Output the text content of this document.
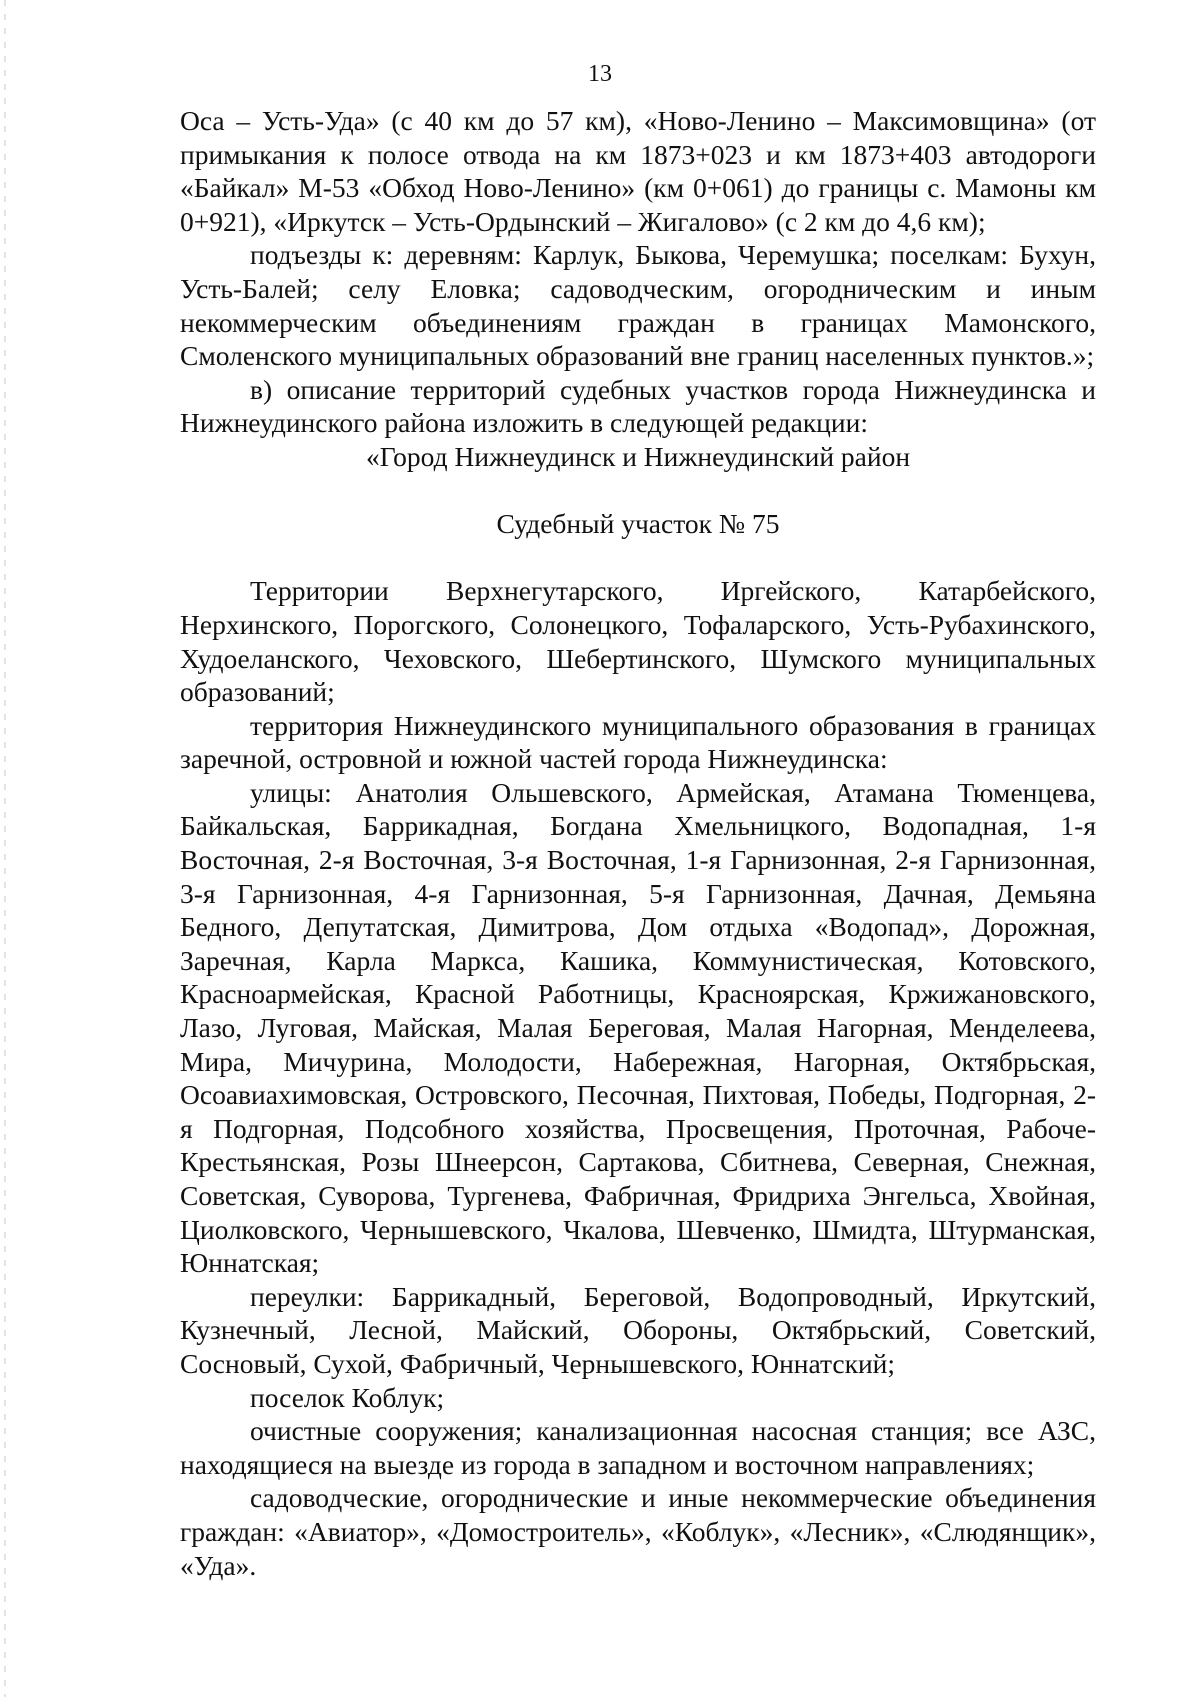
13

Оса – Усть-Уда» (с 40 км до 57 км), «Ново-Ленино – Максимовщина» (от примыкания к полосе отвода на км 1873+023 и км 1873+403 автодороги «Байкал» М-53 «Обход Ново-Ленино» (км 0+061) до границы с. Мамоны км 0+921), «Иркутск – Усть-Ордынский – Жигалово» (с 2 км до 4,6 км);

подъезды к: деревням: Карлук, Быкова, Черемушка; поселкам: Бухун, Усть-Балей; селу Еловка; садоводческим, огородническим и иным некоммерческим объединениям граждан в границах Мамонского, Смоленского муниципальных образований вне границ населенных пунктов.»;

в) описание территорий судебных участков города Нижнеудинска и Нижнеудинского района изложить в следующей редакции:

«Город Нижнеудинск и Нижнеудинский район

Судебный участок № 75

Территории Верхнегутарского, Иргейского, Катарбейского, Нерхинского, Порогского, Солонецкого, Тофаларского, Усть-Рубахинского, Худоеланского, Чеховского, Шебертинского, Шумского муниципальных образований;

территория Нижнеудинского муниципального образования в границах заречной, островной и южной частей города Нижнеудинска:

улицы: Анатолия Ольшевского, Армейская, Атамана Тюменцева, Байкальская, Баррикадная, Богдана Хмельницкого, Водопадная, 1-я Восточная, 2-я Восточная, 3-я Восточная, 1-я Гарнизонная, 2-я Гарнизонная, 3-я Гарнизонная, 4-я Гарнизонная, 5-я Гарнизонная, Дачная, Демьяна Бедного, Депутатская, Димитрова, Дом отдыха «Водопад», Дорожная, Заречная, Карла Маркса, Кашика, Коммунистическая, Котовского, Красноармейская, Красной Работницы, Красноярская, Кржижановского, Лазо, Луговая, Майская, Малая Береговая, Малая Нагорная, Менделеева, Мира, Мичурина, Молодости, Набережная, Нагорная, Октябрьская, Осоавиахимовская, Островского, Песочная, Пихтовая, Победы, Подгорная, 2-я Подгорная, Подсобного хозяйства, Просвещения, Проточная, Рабоче-Крестьянская, Розы Шнеерсон, Сартакова, Сбитнева, Северная, Снежная, Советская, Суворова, Тургенева, Фабричная, Фридриха Энгельса, Хвойная, Циолковского, Чернышевского, Чкалова, Шевченко, Шмидта, Штурманская, Юннатская;

переулки: Баррикадный, Береговой, Водопроводный, Иркутский, Кузнечный, Лесной, Майский, Обороны, Октябрьский, Советский, Сосновый, Сухой, Фабричный, Чернышевского, Юннатский;

поселок Коблук;

очистные сооружения; канализационная насосная станция; все АЗС, находящиеся на выезде из города в западном и восточном направлениях;

садоводческие, огороднические и иные некоммерческие объединения граждан: «Авиатор», «Домостроитель», «Коблук», «Лесник», «Слюдянщик», «Уда».
